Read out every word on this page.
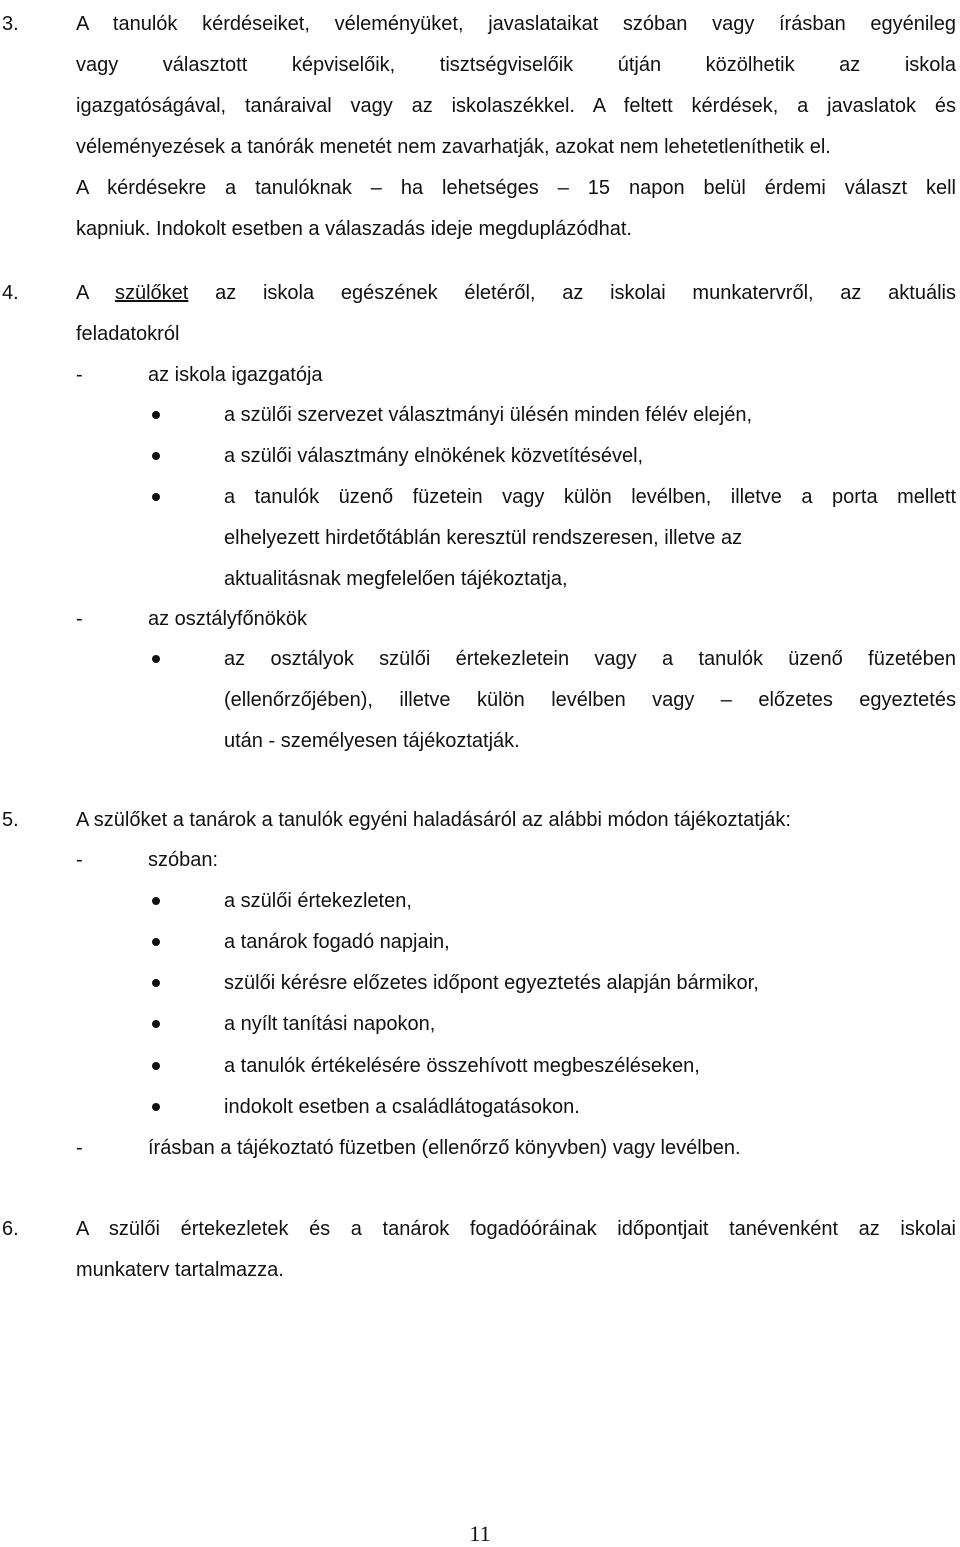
3.	A tanulók kérdéseiket, véleményüket, javaslataikat szóban vagy írásban egyénileg
vagy választott képviselőik, tisztségviselőik útján közölhetik az iskola
igazgatóságával, tanáraival vagy az iskolaszékkel. A feltett kérdések, a javaslatok és
véleményezések a tanórák menetét nem zavarhatják, azokat nem lehetetleníthetik el.
A kérdésekre a tanulóknak – ha lehetséges – 15 napon belül érdemi választ kell
kapniuk. Indokolt esetben a válaszadás ideje megduplázódhat.
4.	A szülőket az iskola egészének életéről, az iskolai munkatervről, az aktuális
feladatokról
-	az iskola igazgatója
a szülői szervezet választmányi ülésén minden félév elején,
a szülői választmány elnökének közvetítésével,
a tanulók üzenő füzetein vagy külön levélben, illetve a porta mellett
elhelyezett hirdetőtáblán keresztül rendszeresen, illetve az
aktualitásnak megfelelően tájékoztatja,
-	az osztályfőnökök
az osztályok szülői értekezletein vagy a tanulók üzenő füzetében
(ellenőrzőjében), illetve külön levélben vagy – előzetes egyeztetés
után - személyesen tájékoztatják.
5.	A szülőket a tanárok a tanulók egyéni haladásáról az alábbi módon tájékoztatják:
-	szóban:
a szülői értekezleten,
a tanárok fogadó napjain,
szülői kérésre előzetes időpont egyeztetés alapján bármikor,
a nyílt tanítási napokon,
a tanulók értékelésére összehívott megbeszéléseken,
indokolt esetben a családlátogatásokon.
-	írásban a tájékoztató füzetben (ellenőrző könyvben) vagy levélben.
6.	A szülői értekezletek és a tanárok fogadóóráinak időpontjait tanévenként az iskolai
munkaterv tartalmazza.
11
